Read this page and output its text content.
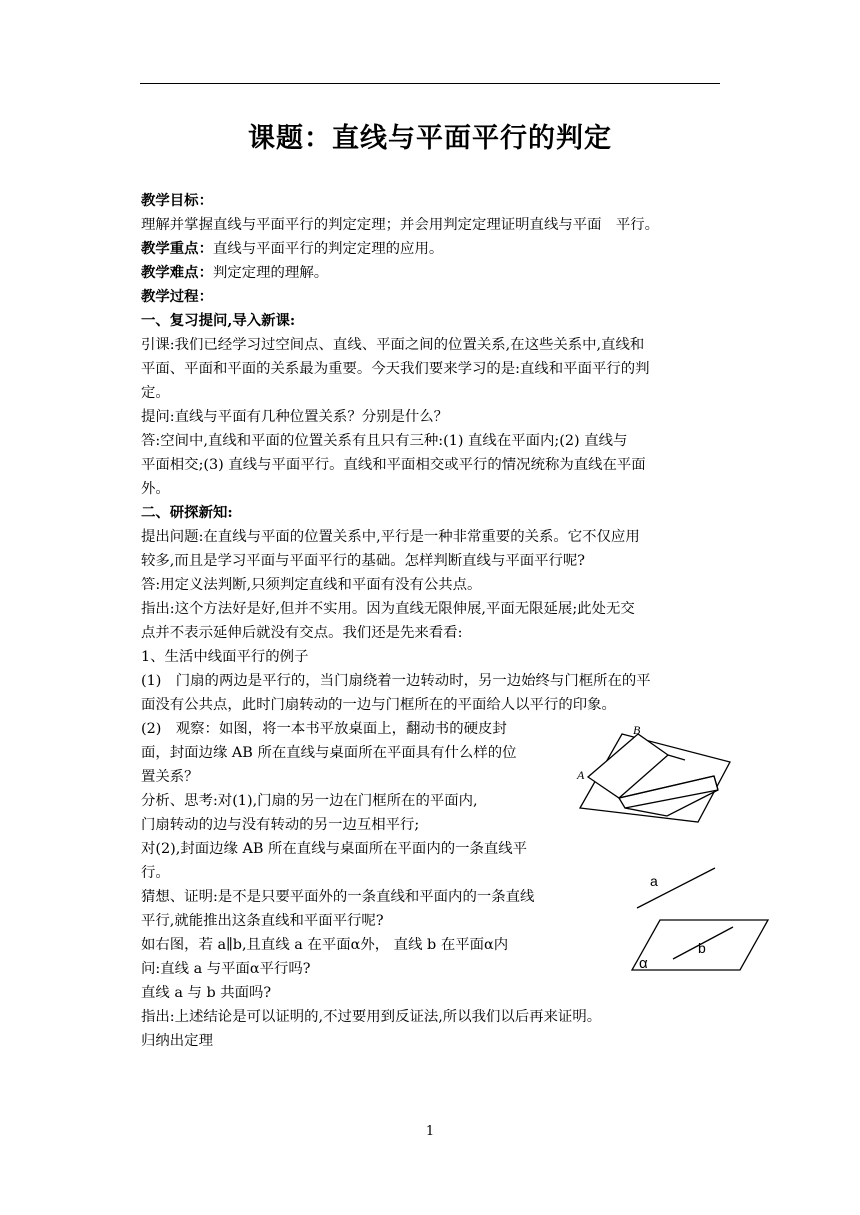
课题：直线与平面平行的判定
教学目标：
理解并掌握直线与平面平行的判定定理；并会用判定定理证明直线与平面　平行。
教学重点：直线与平面平行的判定定理的应用。
教学难点：判定定理的理解。
教学过程：
一、复习提问,导入新课:
引课:我们已经学习过空间点、直线、平面之间的位置关系,在这些关系中,直线和
平面、平面和平面的关系最为重要。今天我们要来学习的是:直线和平面平行的判
定。
提问:直线与平面有几种位置关系？分别是什么？
答:空间中,直线和平面的位置关系有且只有三种:(1) 直线在平面内;(2) 直线与
平面相交;(3) 直线与平面平行。直线和平面相交或平行的情况统称为直线在平面
外。
二、研探新知:
提出问题:在直线与平面的位置关系中,平行是一种非常重要的关系。它不仅应用
较多,而且是学习平面与平面平行的基础。怎样判断直线与平面平行呢?
答:用定义法判断,只须判定直线和平面有没有公共点。
指出:这个方法好是好,但并不实用。因为直线无限伸展,平面无限延展;此处无交
点并不表示延伸后就没有交点。我们还是先来看看:
1、生活中线面平行的例子
(1)　门扇的两边是平行的，当门扇绕着一边转动时，另一边始终与门框所在的平
面没有公共点，此时门扇转动的一边与门框所在的平面给人以平行的印象。
(2)　观察：如图，将一本书平放桌面上，翻动书的硬皮封
面，封面边缘 AB 所在直线与桌面所在平面具有什么样的位
置关系？
分析、思考:对(1),门扇的另一边在门框所在的平面内,
门扇转动的边与没有转动的另一边互相平行;
对(2),封面边缘 AB 所在直线与桌面所在平面内的一条直线平
行。
猜想、证明:是不是只要平面外的一条直线和平面内的一条直线
平行,就能推出这条直线和平面平行呢?
如右图，若 a∥b,且直线 a 在平面α外， 直线 b 在平面α内
问:直线 a 与平面α平行吗?
直线 a 与 b 共面吗?
指出:上述结论是可以证明的,不过要用到反证法,所以我们以后再来证明。
归纳出定理
B
A
a
b
α
1
